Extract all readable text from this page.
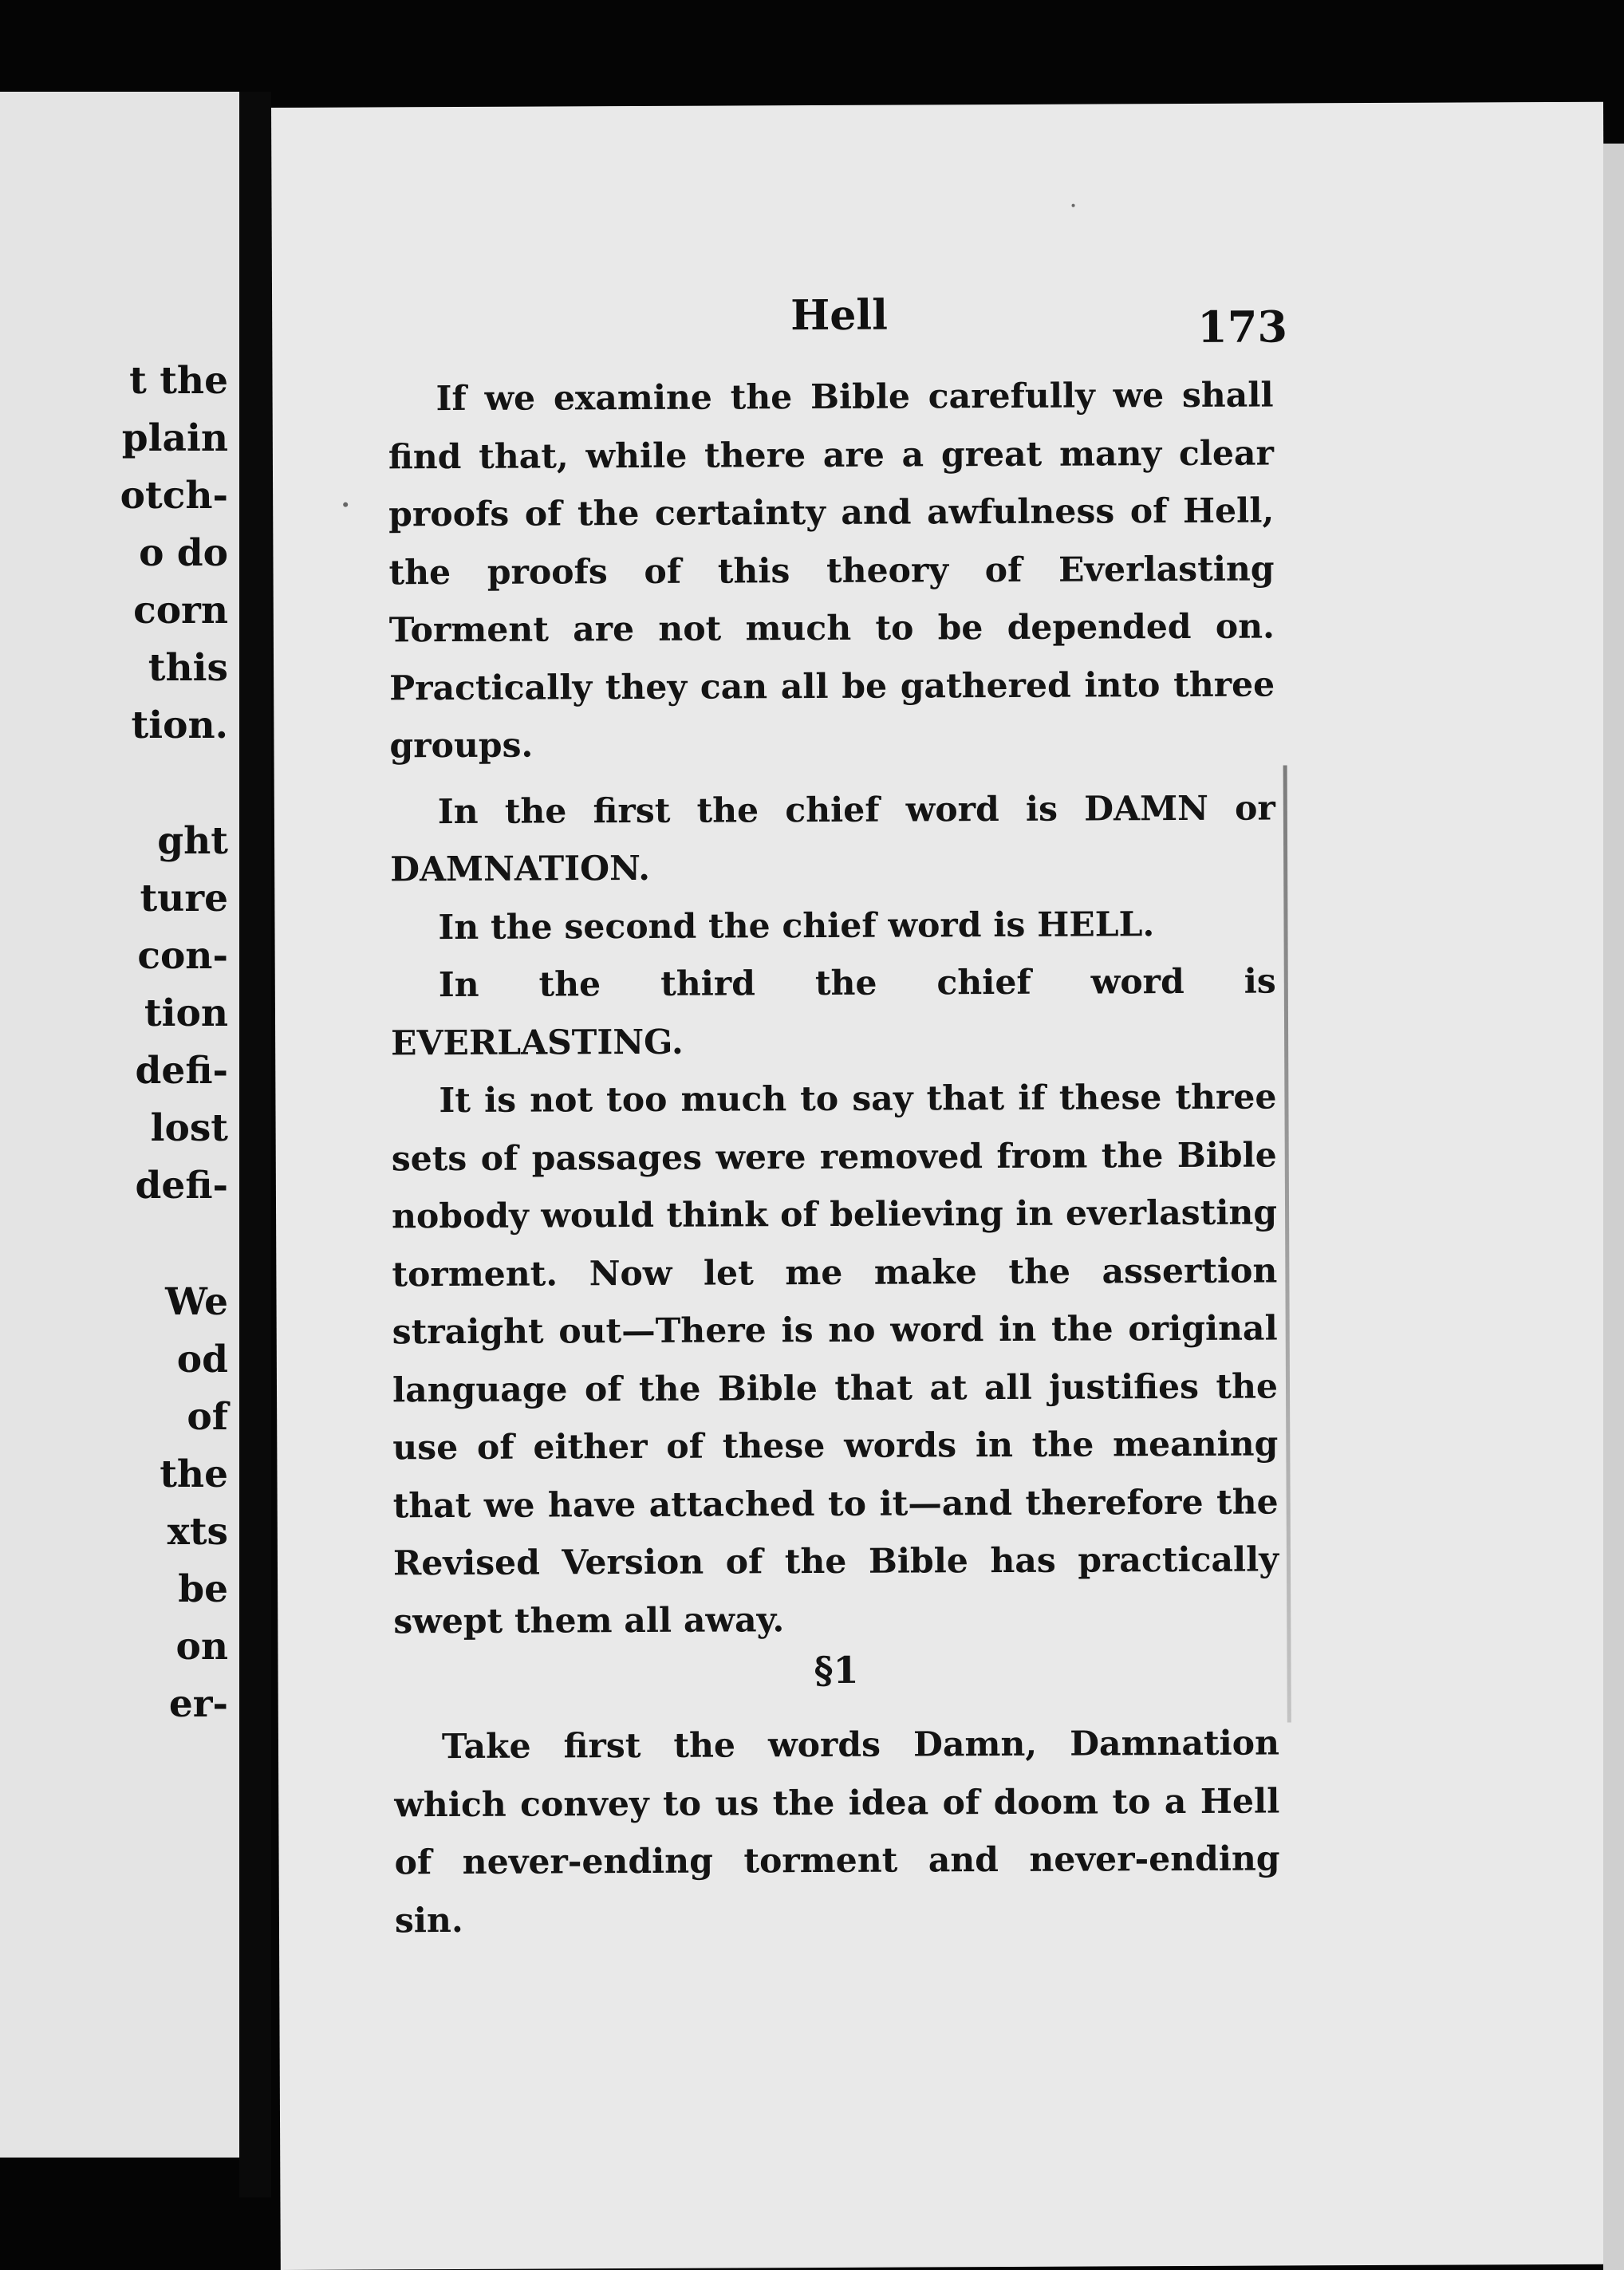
t the
plain
otch-
o do
corn
this
tion.
ght
ture
con-
tion
defi-
lost
defi-
We
od
of
the
xts
be
on
er-
Hell	173

If we examine the Bible carefully we shall find that, while there are a great many clear proofs of the certainty and awfulness of Hell, the proofs of this theory of Everlasting Torment are not much to be depended on. Practically they can all be gathered into three groups.

In the first the chief word is DAMN or DAMNATION.

In the second the chief word is HELL.

In the third the chief word is EVERLASTING.

It is not too much to say that if these three sets of passages were removed from the Bible nobody would think of believing in everlasting torment. Now let me make the assertion straight out—There is no word in the original language of the Bible that at all justifies the use of either of these words in the meaning that we have attached to it—and therefore the Revised Version of the Bible has practically swept them all away.

§1

Take first the words Damn, Damnation which convey to us the idea of doom to a Hell of never-ending torment and never-ending sin.
